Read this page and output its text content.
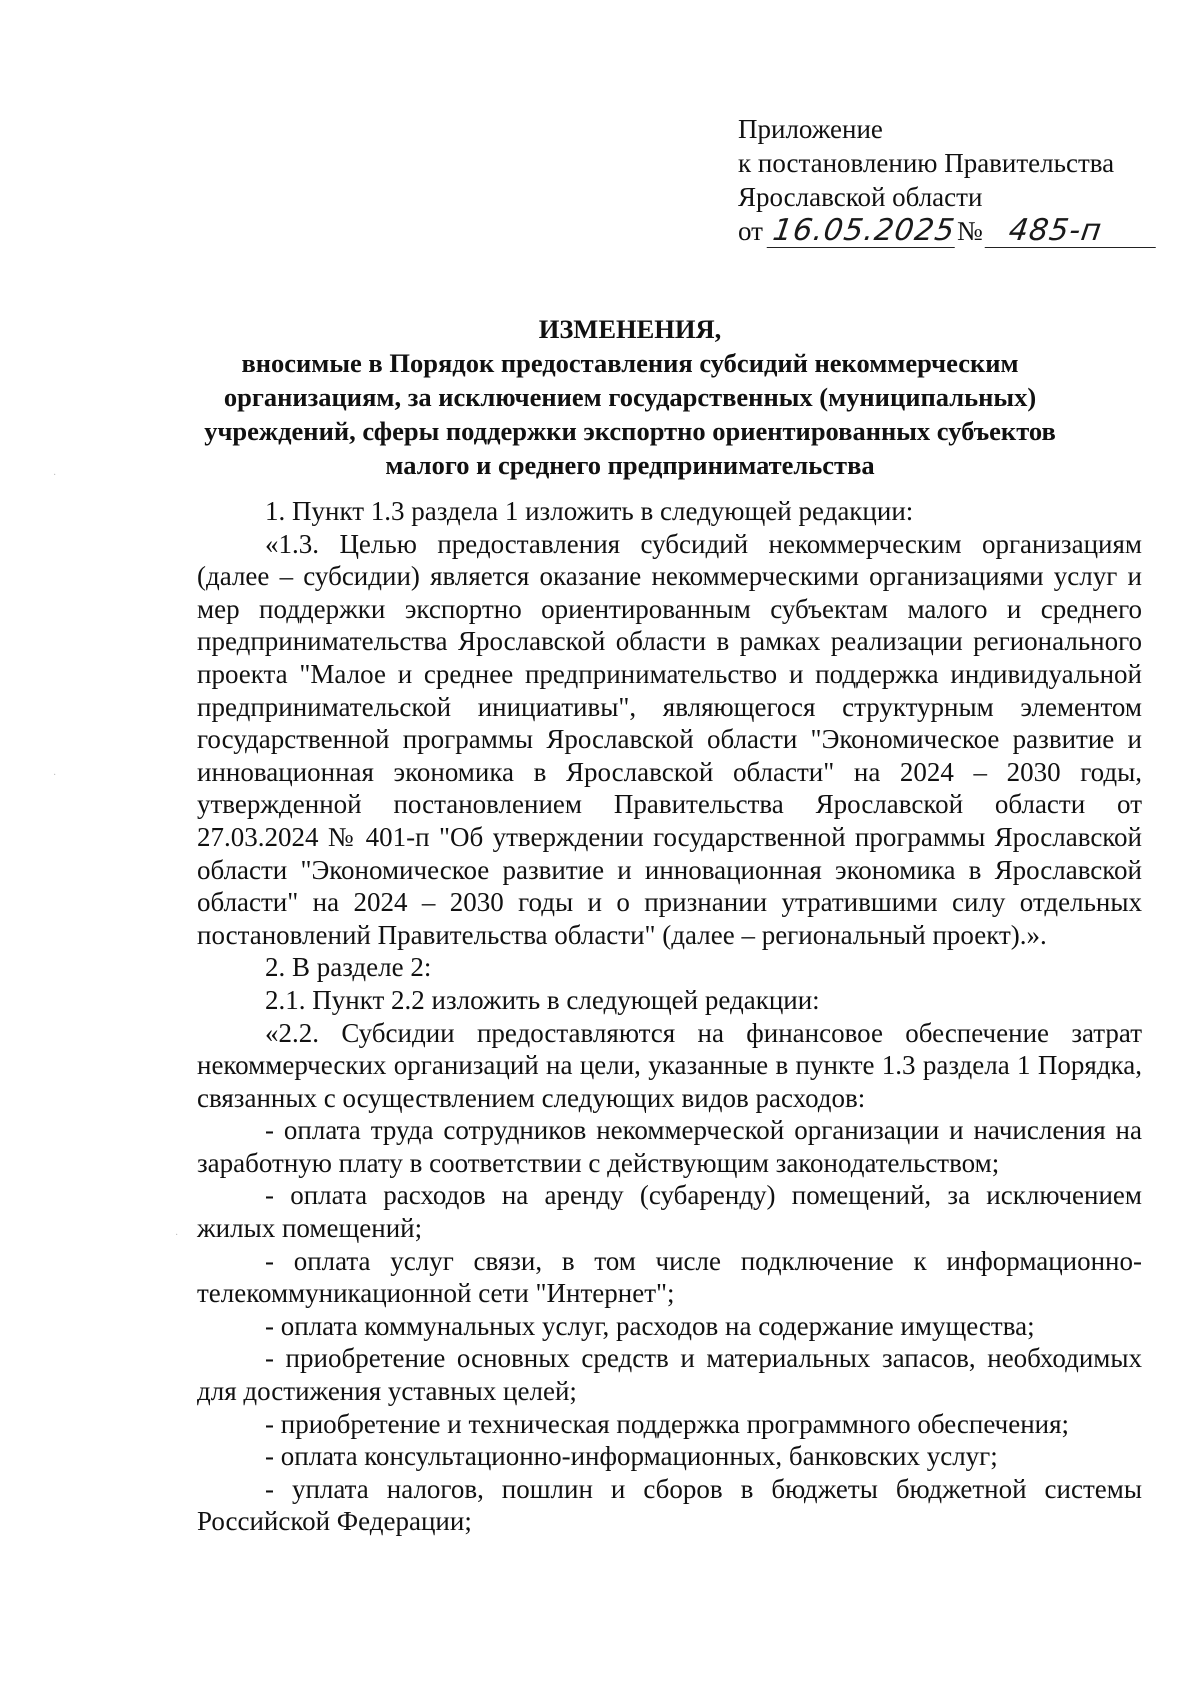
·
·
·
Приложение
к постановлению Правительства
Ярославской области
от 16.05.2025 № 485-п
ИЗМЕНЕНИЯ,
вносимые в Порядок предоставления субсидий некоммерческим
организациям, за исключением государственных (муниципальных)
учреждений, сферы поддержки экспортно ориентированных субъектов
малого и среднего предпринимательства

1. Пункт 1.3 раздела 1 изложить в следующей редакции:

«1.3. Целью предоставления субсидий некоммерческим организациям (далее – субсидии) является оказание некоммерческими организациями услуг и мер поддержки экспортно ориентированным субъектам малого и среднего предпринимательства Ярославской области в рамках реализации регионального проекта "Малое и среднее предпринимательство и поддержка индивидуальной предпринимательской инициативы", являющегося структурным элементом государственной программы Ярославской области "Экономическое развитие и инновационная экономика в Ярославской области" на 2024 – 2030 годы, утвержденной постановлением Правительства Ярославской области от 27.03.2024 № 401-п "Об утверждении государственной программы Ярославской области "Экономическое развитие и инновационная экономика в Ярославской области" на 2024 – 2030 годы и о признании утратившими силу отдельных постановлений Правительства области" (далее – региональный проект).».

2. В разделе 2:

2.1. Пункт 2.2 изложить в следующей редакции:

«2.2. Субсидии предоставляются на финансовое обеспечение затрат некоммерческих организаций на цели, указанные в пункте 1.3 раздела 1 Порядка, связанных с осуществлением следующих видов расходов:

- оплата труда сотрудников некоммерческой организации и начисления на заработную плату в соответствии с действующим законодательством;

- оплата расходов на аренду (субаренду) помещений, за исключением жилых помещений;

- оплата услуг связи, в том числе подключение к информационно-телекоммуникационной сети "Интернет";

- оплата коммунальных услуг, расходов на содержание имущества;

- приобретение основных средств и материальных запасов, необходимых для достижения уставных целей;

- приобретение и техническая поддержка программного обеспечения;

- оплата консультационно-информационных, банковских услуг;

- уплата налогов, пошлин и сборов в бюджеты бюджетной системы Российской Федерации;
